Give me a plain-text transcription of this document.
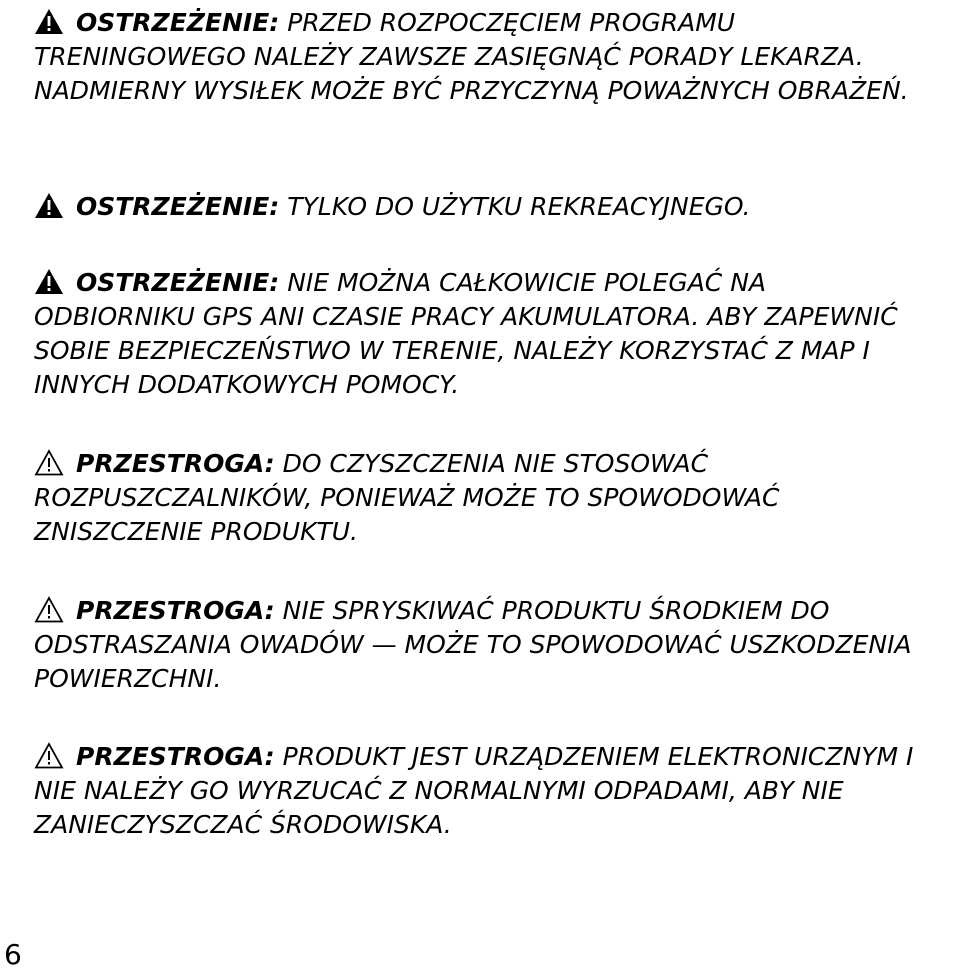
OSTRZEŻENIE: PRZED ROZPOCZĘCIEM PROGRAMU TRENINGOWEGO NALEŻY ZAWSZE ZASIĘGNĄĆ PORADY LEKARZA. NADMIERNY WYSIŁEK MOŻE BYĆ PRZYCZYNĄ POWAŻNYCH OBRAŻEŃ.
OSTRZEŻENIE: TYLKO DO UŻYTKU REKREACYJNEGO.
OSTRZEŻENIE: NIE MOŻNA CAŁKOWICIE POLEGAĆ NA ODBIORNIKU GPS ANI CZASIE PRACY AKUMULATORA. ABY ZAPEWNIĆ SOBIE BEZPIECZEŃSTWO W TERENIE, NALEŻY KORZYSTAĆ Z MAP I INNYCH DODATKOWYCH POMOCY.
PRZESTROGA: DO CZYSZCZENIA NIE STOSOWAĆ ROZPUSZCZALNIKÓW, PONIEWAŻ MOŻE TO SPOWODOWAĆ ZNISZCZENIE PRODUKTU.
PRZESTROGA: NIE SPRYSKIWAĆ PRODUKTU ŚRODKIEM DO ODSTRASZANIA OWADÓW — MOŻE TO SPOWODOWAĆ USZKODZENIA POWIERZCHNI.
PRZESTROGA: PRODUKT JEST URZĄDZENIEM ELEKTRONICZNYM I NIE NALEŻY GO WYRZUCAĆ Z NORMALNYMI ODPADAMI, ABY NIE ZANIECZYSZCZAĆ ŚRODOWISKA.
6
